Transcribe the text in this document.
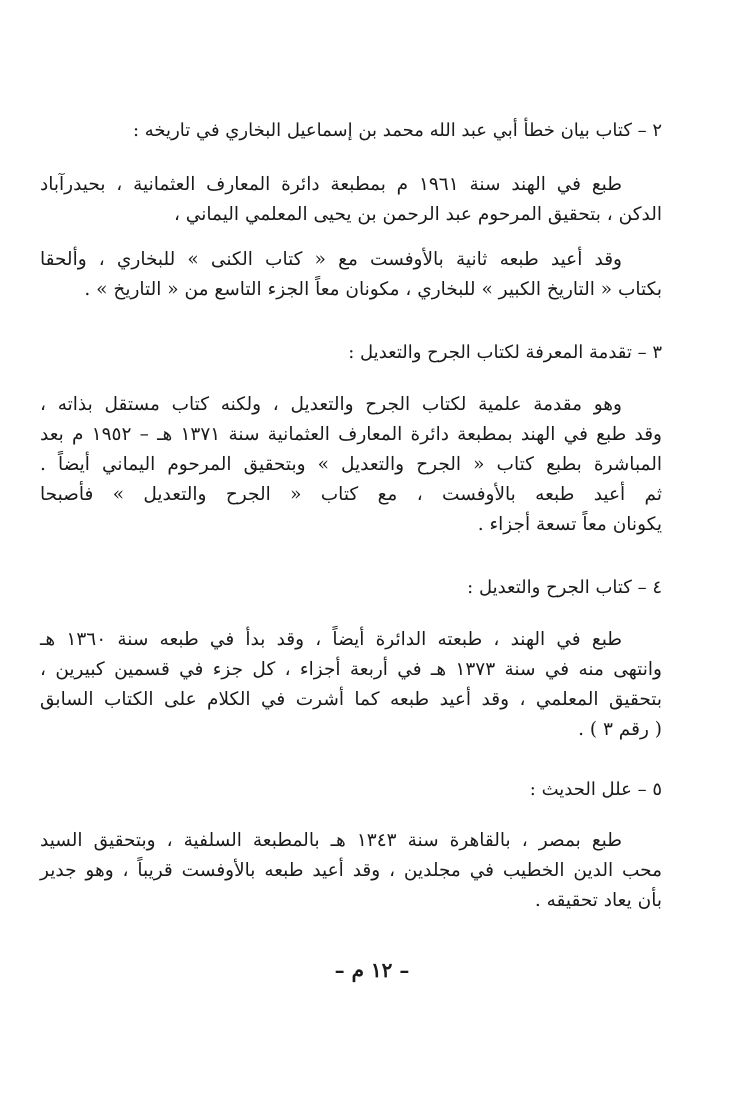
٢ – كتاب بيان خطأ أبي عبد الله محمد بن إسماعيل البخاري في تاريخه :
طبع في الهند سنة ١٩٦١ م بمطبعة دائرة المعارف العثمانية ، بحيدرآباد
الدكن ، بتحقيق المرحوم عبد الرحمن بن يحيى المعلمي اليماني ،
وقد أعيد طبعه ثانية بالأوفست مع « كتاب الكنى » للبخاري ، وألحقا
بكتاب « التاريخ الكبير » للبخاري ، مكونان معاً الجزء التاسع من « التاريخ » .
٣ – تقدمة المعرفة لكتاب الجرح والتعديل :
وهو مقدمة علمية لكتاب الجرح والتعديل ، ولكنه كتاب مستقل بذاته ،
وقد طبع في الهند بمطبعة دائرة المعارف العثمانية سنة ١٣٧١ هـ – ١٩٥٢ م بعد
المباشرة بطبع كتاب « الجرح والتعديل » وبتحقيق المرحوم اليماني أيضاً .
ثم أعيد طبعه بالأوفست ، مع كتاب « الجرح والتعديل » فأصبحا
يكونان معاً تسعة أجزاء .
٤ – كتاب الجرح والتعديل :
طبع في الهند ، طبعته الدائرة أيضاً ، وقد بدأ في طبعه سنة ١٣٦٠ هـ
وانتهى منه في سنة ١٣٧٣ هـ في أربعة أجزاء ، كل جزء في قسمين كبيرين ،
بتحقيق المعلمي ، وقد أعيد طبعه كما أشرت في الكلام على الكتاب السابق
( رقم ٣ ) .
٥ – علل الحديث :
طبع بمصر ، بالقاهرة سنة ١٣٤٣ هـ بالمطبعة السلفية ، وبتحقيق السيد
محب الدين الخطيب في مجلدين ، وقد أعيد طبعه بالأوفست قريباً ، وهو جدير
بأن يعاد تحقيقه .
– ١٢ م –
